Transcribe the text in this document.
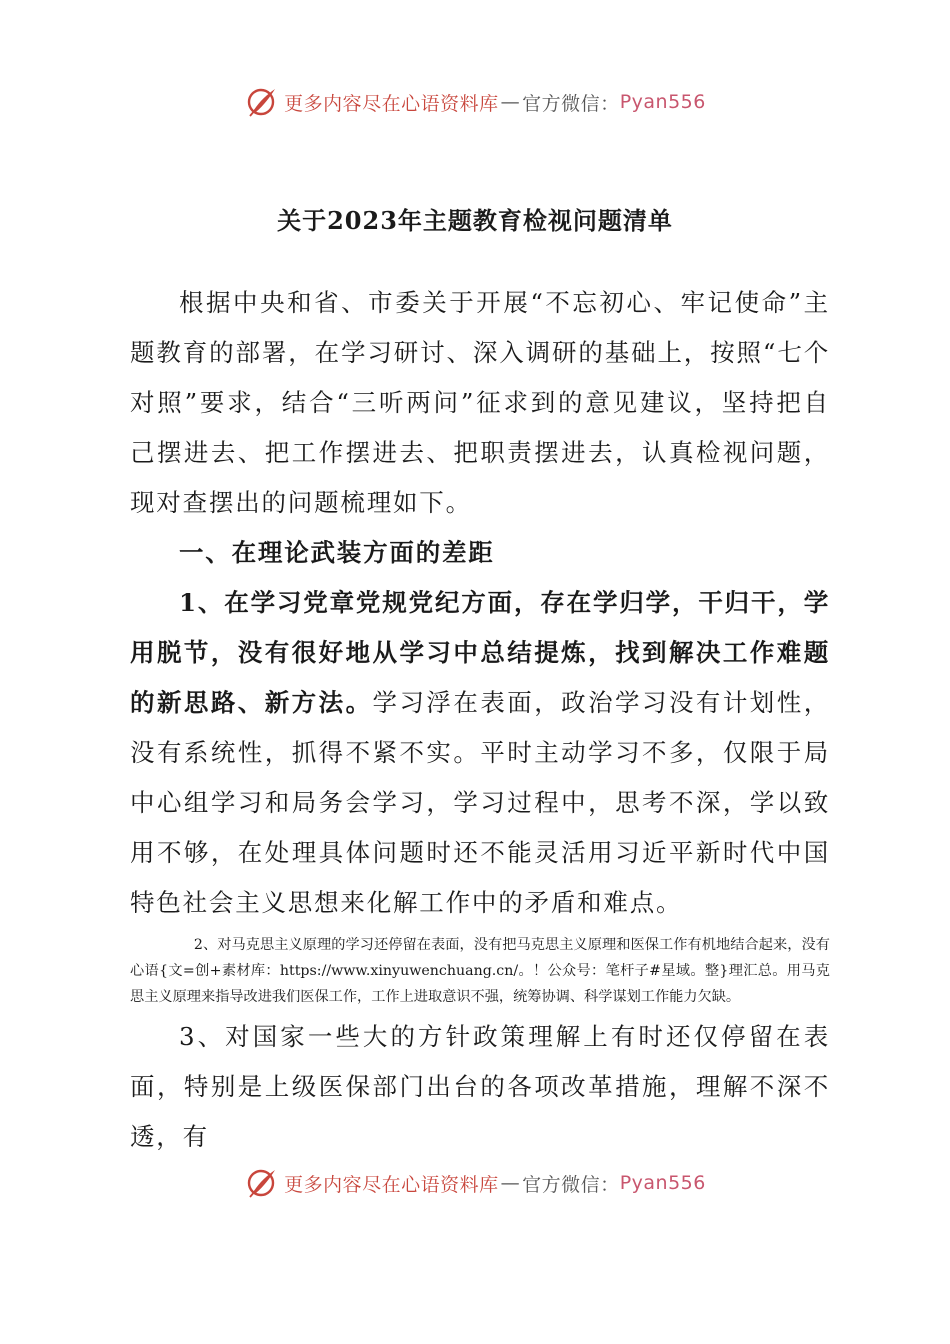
更多内容尽在心语资料库 — 官方微信： Pyan556
关于2023年主题教育检视问题清单

根据中央和省、市委关于开展“不忘初心、牢记使命”主题教育的部署，在学习研讨、深入调研的基础上，按照“七个对照”要求，结合“三听两问”征求到的意见建议，坚持把自己摆进去、把工作摆进去、把职责摆进去，认真检视问题，现对查摆出的问题梳理如下。

一、在理论武装方面的差距

1、在学习党章党规党纪方面，存在学归学，干归干，学用脱节，没有很好地从学习中总结提炼，找到解决工作难题的新思路、新方法。学习浮在表面，政治学习没有计划性，没有系统性，抓得不紧不实。平时主动学习不多，仅限于局中心组学习和局务会学习，学习过程中，思考不深，学以致用不够，在处理具体问题时还不能灵活用习近平新时代中国特色社会主义思想来化解工作中的矛盾和难点。

2、对马克思主义原理的学习还停留在表面，没有把马克思主义原理和医保工作有机地结合起来，没有心语{文=创+素材库：https://www.xinyuwenchuang.cn/。！公众号：笔杆子#星域。整}理汇总。用马克思主义原理来指导改进我们医保工作，工作上进取意识不强，统筹协调、科学谋划工作能力欠缺。

3、对国家一些大的方针政策理解上有时还仅停留在表面，特别是上级医保部门出台的各项改革措施，理解不深不透，有

更多内容尽在心语资料库 — 官方微信： Pyan556
